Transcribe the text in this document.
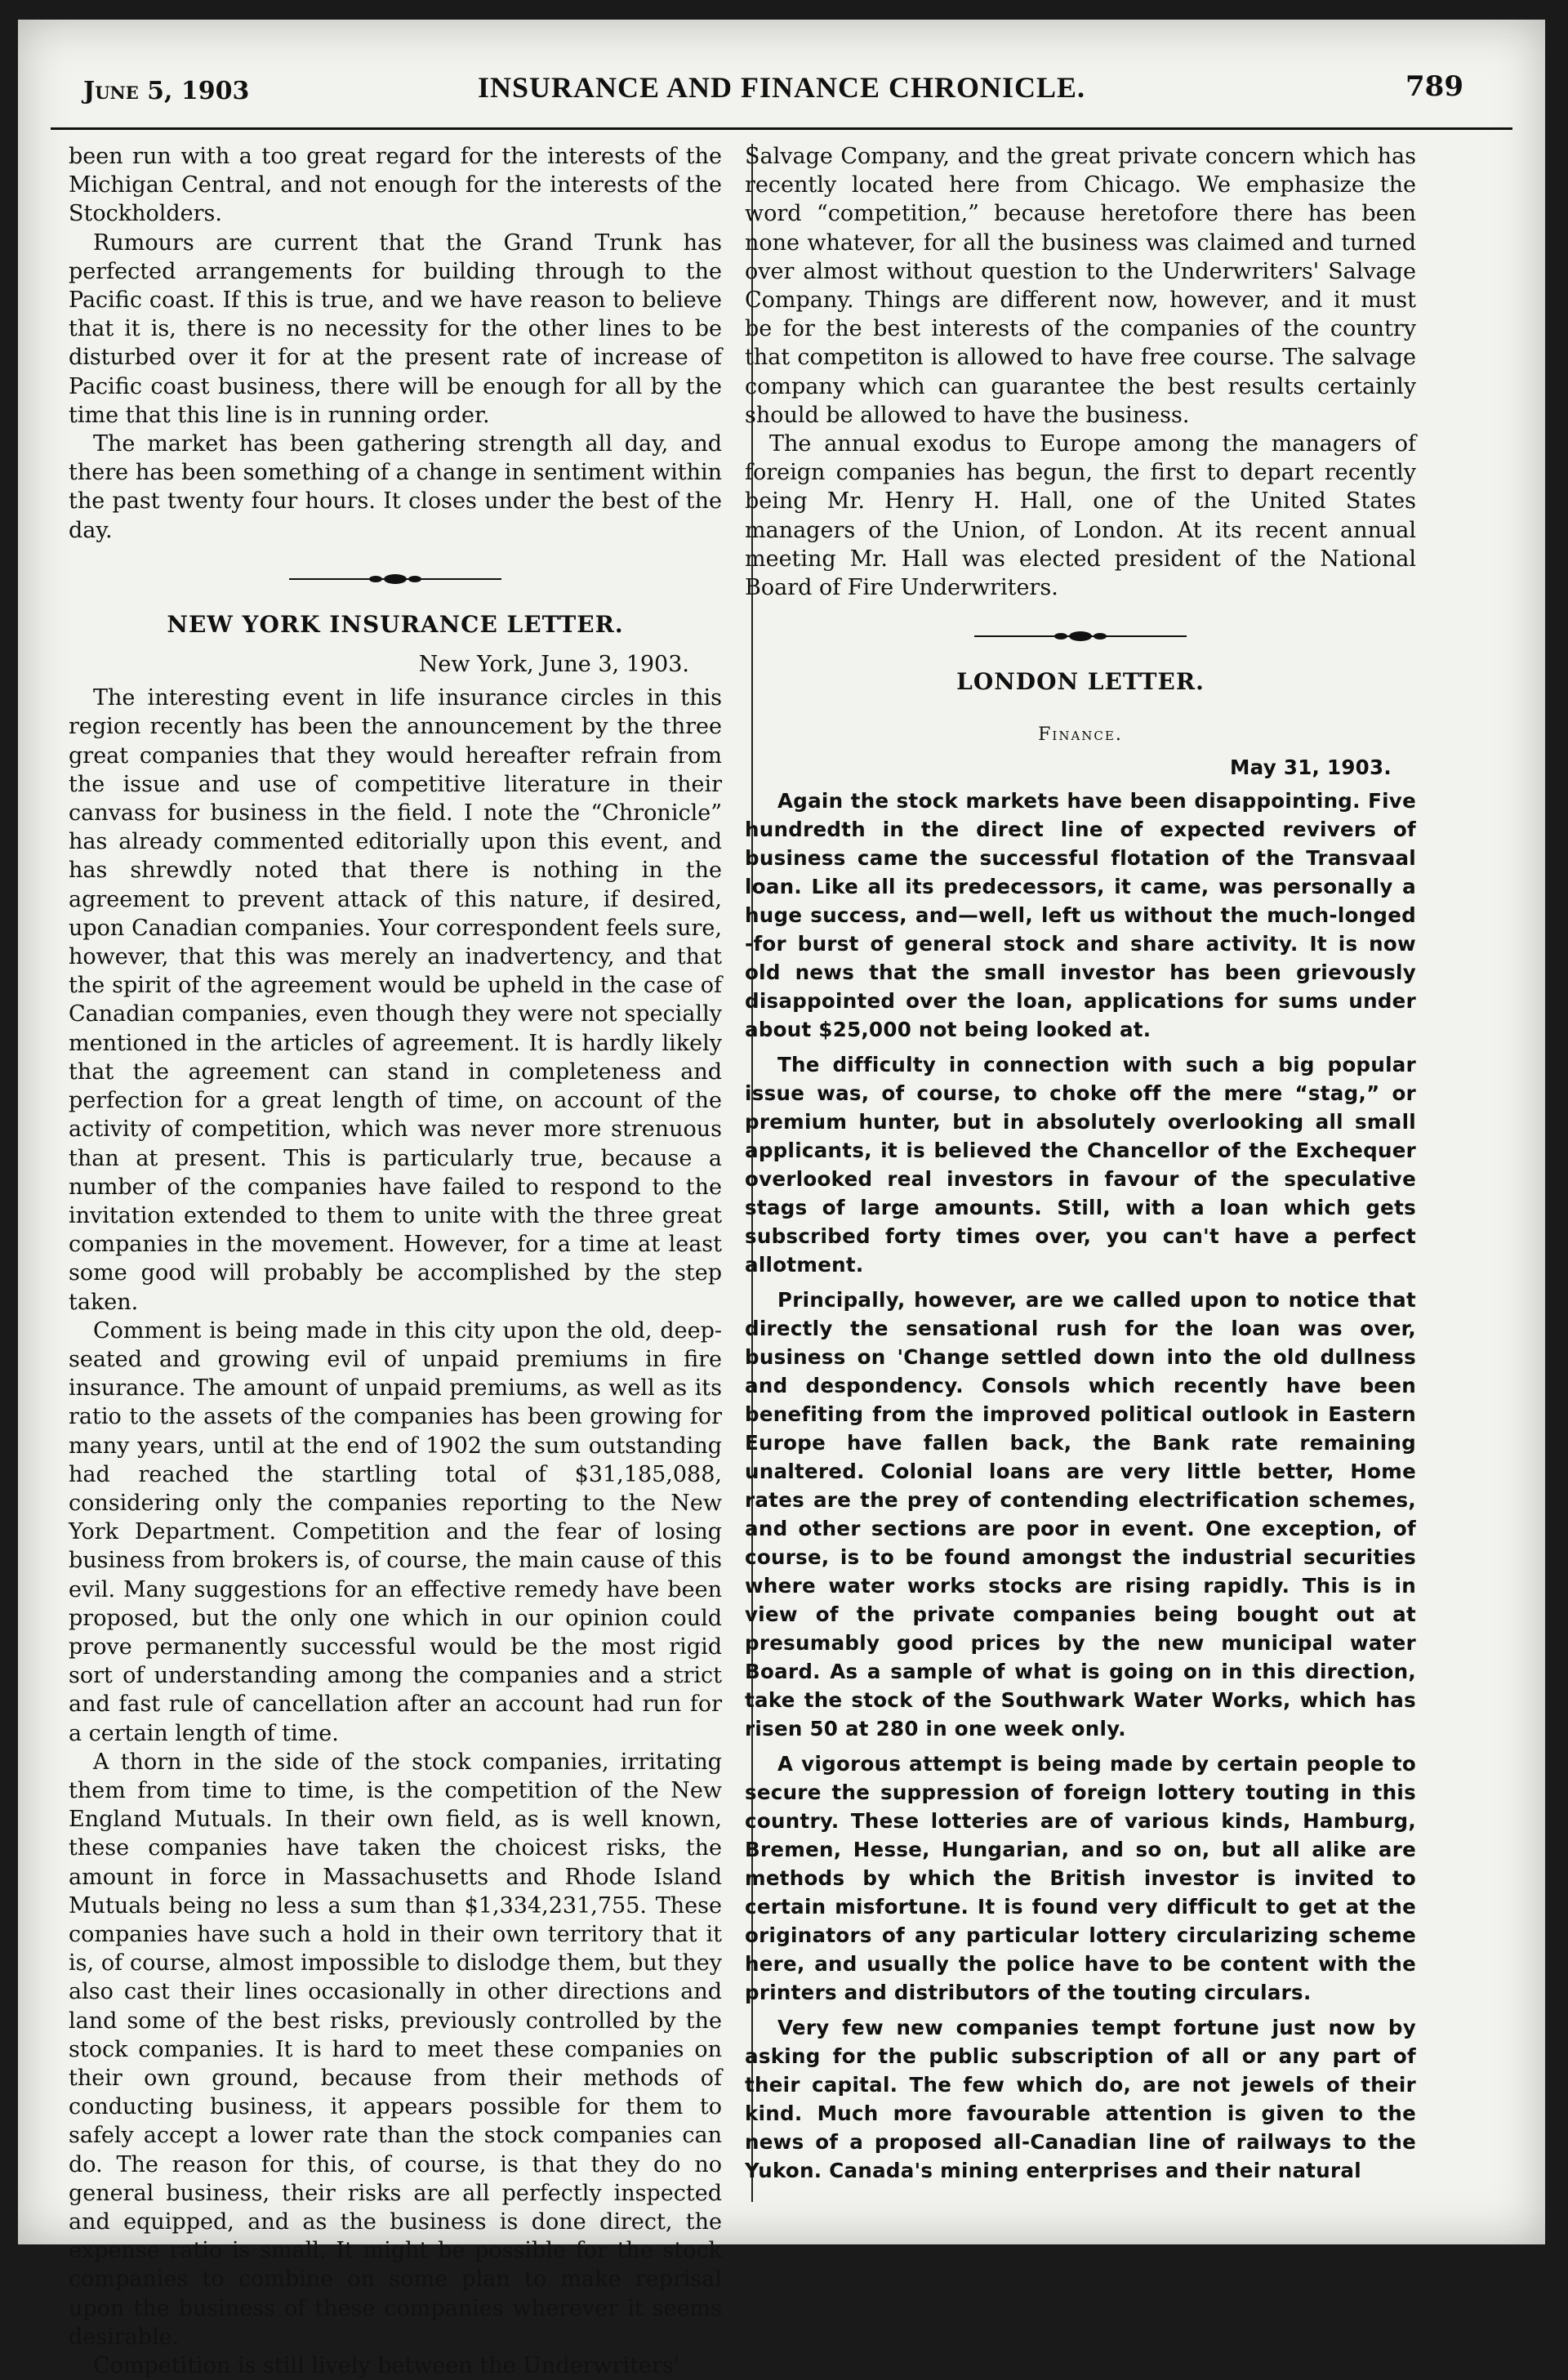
June 5, 1903	INSURANCE AND FINANCE CHRONICLE.	789

been run with a too great regard for the interests of the Michigan Central, and not enough for the interests of the Stockholders.

Rumours are current that the Grand Trunk has perfected arrangements for building through to the Pacific coast. If this is true, and we have reason to believe that it is, there is no necessity for the other lines to be disturbed over it for at the present rate of increase of Pacific coast business, there will be enough for all by the time that this line is in running order.

The market has been gathering strength all day, and there has been something of a change in sentiment within the past twenty four hours. It closes under the best of the day.

NEW YORK INSURANCE LETTER.
New York, June 3, 1903.

The interesting event in life insurance circles in this region recently has been the announcement by the three great companies that they would hereafter refrain from the issue and use of competitive literature in their canvass for business in the field. I note the “Chronicle” has already commented editorially upon this event, and has shrewdly noted that there is nothing in the agreement to prevent attack of this nature, if desired, upon Canadian companies. Your correspondent feels sure, however, that this was merely an inadvertency, and that the spirit of the agreement would be upheld in the case of Canadian companies, even though they were not specially mentioned in the articles of agreement. It is hardly likely that the agreement can stand in completeness and perfection for a great length of time, on account of the activity of competition, which was never more strenuous than at present. This is particularly true, because a number of the companies have failed to respond to the invitation extended to them to unite with the three great companies in the movement. However, for a time at least some good will probably be accomplished by the step taken.

Comment is being made in this city upon the old, deep-seated and growing evil of unpaid premiums in fire insurance. The amount of unpaid premiums, as well as its ratio to the assets of the companies has been growing for many years, until at the end of 1902 the sum outstanding had reached the startling total of $31,185,088, considering only the companies reporting to the New York Department. Competition and the fear of losing business from brokers is, of course, the main cause of this evil. Many suggestions for an effective remedy have been proposed, but the only one which in our opinion could prove permanently successful would be the most rigid sort of understanding among the companies and a strict and fast rule of cancellation after an account had run for a certain length of time.

A thorn in the side of the stock companies, irritating them from time to time, is the competition of the New England Mutuals. In their own field, as is well known, these companies have taken the choicest risks, the amount in force in Massachusetts and Rhode Island Mutuals being no less a sum than $1,334,231,755. These companies have such a hold in their own territory that it is, of course, almost impossible to dislodge them, but they also cast their lines occasionally in other directions and land some of the best risks, previously controlled by the stock companies. It is hard to meet these companies on their own ground, because from their methods of conducting business, it appears possible for them to safely accept a lower rate than the stock companies can do. The reason for this, of course, is that they do no general business, their risks are all perfectly inspected and equipped, and as the business is done direct, the expense ratio is small. It might be possible for the stock companies to combine on some plan to make reprisal upon the business of these companies wherever it seems desirable.

Competition is still lively between the Underwriters'

Salvage Company, and the great private concern which has recently located here from Chicago. We emphasize the word “competition,” because heretofore there has been none whatever, for all the business was claimed and turned over almost without question to the Underwriters' Salvage Company. Things are different now, however, and it must be for the best interests of the companies of the country that competiton is allowed to have free course. The salvage company which can guarantee the best results certainly should be allowed to have the business.

The annual exodus to Europe among the managers of foreign companies has begun, the first to depart recently being Mr. Henry H. Hall, one of the United States managers of the Union, of London. At its recent annual meeting Mr. Hall was elected president of the National Board of Fire Underwriters.

LONDON LETTER.
Finance.
May 31, 1903.

Again the stock markets have been disappointing. Five hundredth in the direct line of expected revivers of business came the successful flotation of the Transvaal loan. Like all its predecessors, it came, was personally a huge success, and—well, left us without the much-longed -for burst of general stock and share activity. It is now old news that the small investor has been grievously disappointed over the loan, applications for sums under about $25,000 not being looked at.

The difficulty in connection with such a big popular issue was, of course, to choke off the mere “stag,” or premium hunter, but in absolutely overlooking all small applicants, it is believed the Chancellor of the Exchequer overlooked real investors in favour of the speculative stags of large amounts. Still, with a loan which gets subscribed forty times over, you can't have a perfect allotment.

Principally, however, are we called upon to notice that directly the sensational rush for the loan was over, business on 'Change settled down into the old dullness and despondency. Consols which recently have been benefiting from the improved political outlook in Eastern Europe have fallen back, the Bank rate remaining unaltered. Colonial loans are very little better, Home rates are the prey of contending electrification schemes, and other sections are poor in event. One exception, of course, is to be found amongst the industrial securities where water works stocks are rising rapidly. This is in view of the private companies being bought out at presumably good prices by the new municipal water Board. As a sample of what is going on in this direction, take the stock of the Southwark Water Works, which has risen 50 at 280 in one week only.

A vigorous attempt is being made by certain people to secure the suppression of foreign lottery touting in this country. These lotteries are of various kinds, Hamburg, Bremen, Hesse, Hungarian, and so on, but all alike are methods by which the British investor is invited to certain misfortune. It is found very difficult to get at the originators of any particular lottery circularizing scheme here, and usually the police have to be content with the printers and distributors of the touting circulars.

Very few new companies tempt fortune just now by asking for the public subscription of all or any part of their capital. The few which do, are not jewels of their kind. Much more favourable attention is given to the news of a proposed all-Canadian line of railways to the Yukon. Canada's mining enterprises and their natural
